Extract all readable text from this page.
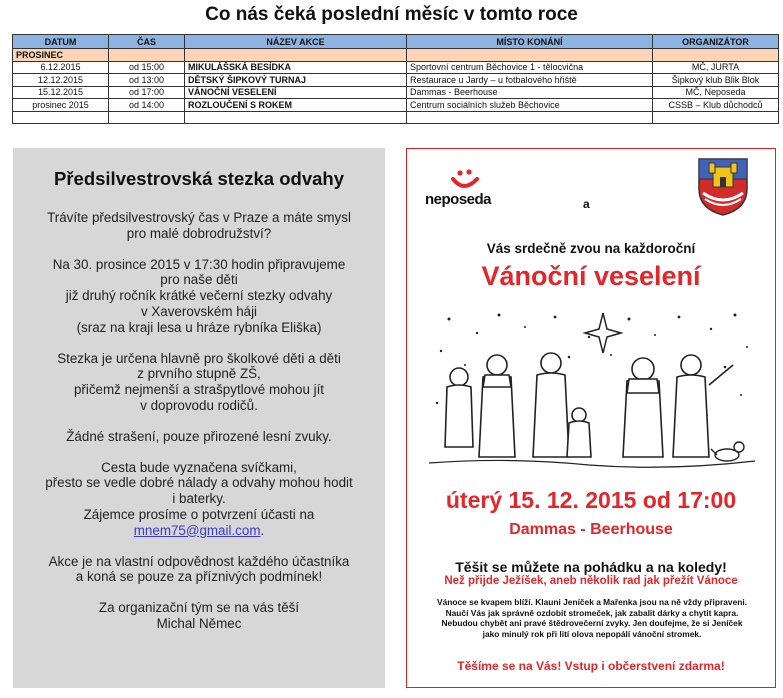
Co nás čeká poslední měsíc v tomto roce
DATUM	ČAS	NÁZEV AKCE	MÍSTO KONÁNÍ	ORGANIZÁTOR
PROSINEC				
6.12.2015	od 15:00	MIKULÁŠSKÁ BESÍDKA	Sportovní centrum Běchovice 1 - tělocvična	MČ, JURTA
12.12.2015	od 13:00	DĚTSKÝ ŠIPKOVÝ TURNAJ	Restaurace u Jardy – u fotbalového hřiště	Šipkový klub Blik Blok
15.12.2015	od 17:00	VÁNOČNÍ VESELENÍ	Dammas - Beerhouse	MČ, Neposeda
prosinec 2015	od 14:00	ROZLOUČENÍ S ROKEM	Centrum sociálních služeb Běchovice	CSSB – Klub důchodců

Předsilvestrovská stezka odvahy

Trávíte předsilvestrovský čas v Praze a máte smysl
pro malé dobrodružství?

Na 30. prosince 2015 v 17:30 hodin připravujeme
pro naše děti
již druhý ročník krátké večerní stezky odvahy
v Xaverovském háji
(sraz na kraji lesa u hráze rybníka Eliška)

Stezka je určena hlavně pro školkové děti a děti
z prvního stupně ZŠ,
přičemž nejmenší a strašpytlové mohou jít
v doprovodu rodičů.

Žádné strašení, pouze přirozené lesní zvuky.

Cesta bude vyznačena svíčkami,
přesto se vedle dobré nálady a odvahy mohou hodit
i baterky.
Zájemce prosíme o potvrzení účasti na
mnem75@gmail.com.

Akce je na vlastní odpovědnost každého účastníka
a koná se pouze za příznivých podmínek!

Za organizační tým se na vás těší
Michal Němec

neposeda	a
Vás srdečně zvou na každoroční
Vánoční veselení
úterý 15. 12. 2015 od 17:00
Dammas - Beerhouse
Těšit se můžete na pohádku a na koledy!
Než přijde Ježíšek, aneb několik rad jak přežít Vánoce
Vánoce se kvapem blíží. Klauni Jeníček a Mařenka jsou na ně vždy připraveni.
Naučí Vás jak správně ozdobit stromeček, jak zabalit dárky a chytit kapra.
Nebudou chybět ani pravé štědrovečerní zvyky. Jen doufejme, že si Jeníček
jako minulý rok při lití olova nepopálí vánoční stromek.
Těšíme se na Vás! Vstup i občerstvení zdarma!
